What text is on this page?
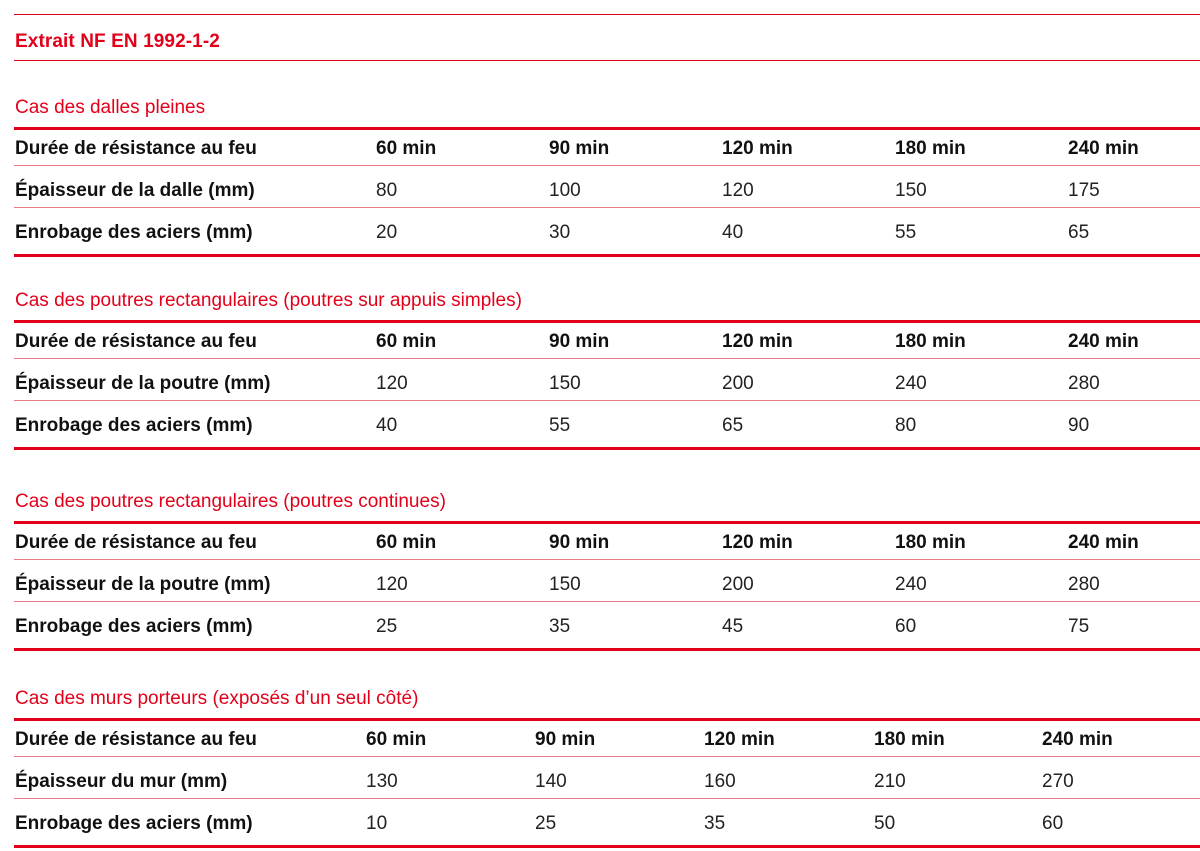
Extrait NF EN 1992-1-2
Cas des dalles pleines
Durée de résistance au feu	60 min	90 min	120 min	180 min	240 min
Épaisseur de la dalle (mm)	80	100	120	150	175
Enrobage des aciers (mm)	20	30	40	55	65
Cas des poutres rectangulaires (poutres sur appuis simples)
Durée de résistance au feu	60 min	90 min	120 min	180 min	240 min
Épaisseur de la poutre (mm)	120	150	200	240	280
Enrobage des aciers (mm)	40	55	65	80	90
Cas des poutres rectangulaires (poutres continues)
Durée de résistance au feu	60 min	90 min	120 min	180 min	240 min
Épaisseur de la poutre (mm)	120	150	200	240	280
Enrobage des aciers (mm)	25	35	45	60	75
Cas des murs porteurs (exposés d’un seul côté)
Durée de résistance au feu	60 min	90 min	120 min	180 min	240 min
Épaisseur du mur (mm)	130	140	160	210	270
Enrobage des aciers (mm)	10	25	35	50	60
